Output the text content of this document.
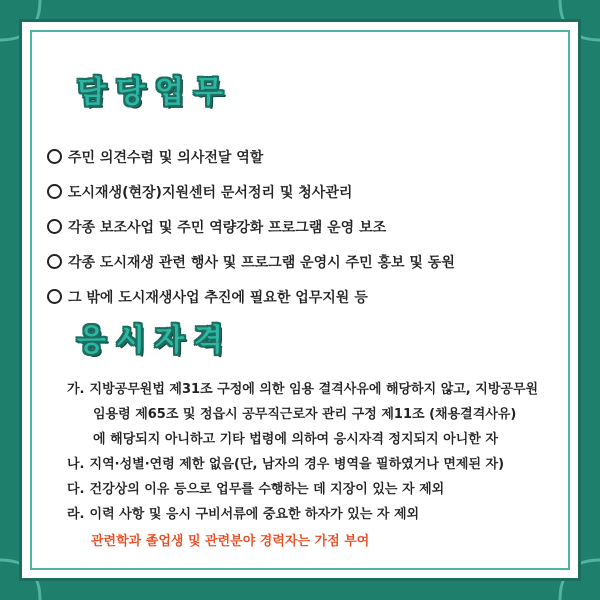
담당업무
주민 의견수렴 및 의사전달 역할
도시재생(현장)지원센터 문서정리 및 청사관리
각종 보조사업 및 주민 역량강화 프로그램 운영 보조
각종 도시재생 관련 행사 및 프로그램 운영시 주민 홍보 및 동원
그 밖에 도시재생사업 추진에 필요한 업무지원 등
응시자격
가. 지방공무원법 제31조 구정에 의한 임용 결격사유에 해당하지 않고, 지방공무원
임용령 제65조 및 정읍시 공무직근로자 관리 구정 제11조 (채용결격사유)
에 해당되지 아니하고 기타 법령에 의하여 응시자격 정지되지 아니한 자
나. 지역·성별·연령 제한 없음(단, 남자의 경우 병역을 필하였거나 면제된 자)
다. 건강상의 이유 등으로 업무를 수행하는 데 지장이 있는 자 제외
라. 이력 사항 및 응시 구비서류에 중요한 하자가 있는 자 제외
관련학과 졸업생 및 관련분야 경력자는 가점 부여
